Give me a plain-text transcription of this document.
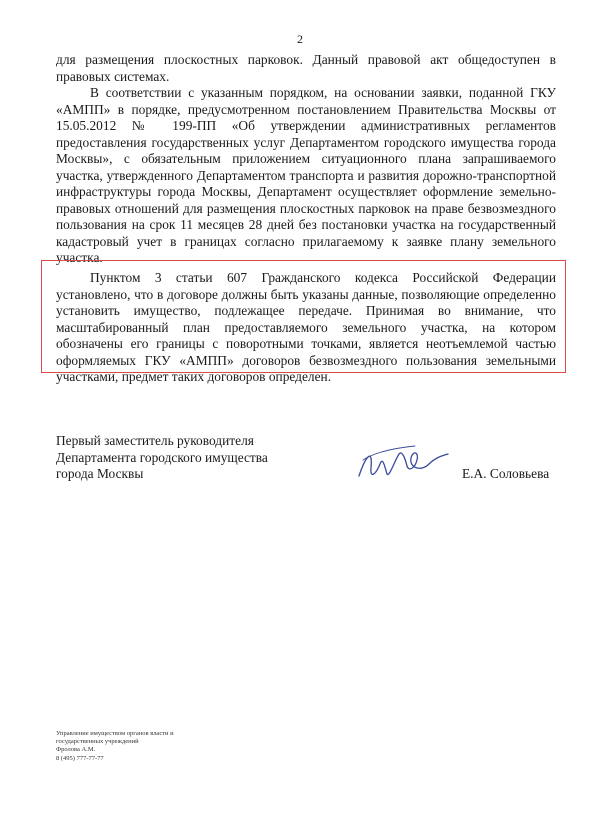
2

для размещения плоскостных парковок. Данный правовой акт общедоступен в правовых системах.

В соответствии с указанным порядком, на основании заявки, поданной ГКУ «АМПП» в порядке, предусмотренном постановлением Правительства Москвы от 15.05.2012 № 199-ПП «Об утверждении административных регламентов предоставления государственных услуг Департаментом городского имущества города Москвы», с обязательным приложением ситуационного плана запрашиваемого участка, утвержденного Департаментом транспорта и развития дорожно-транспортной инфраструктуры города Москвы, Департамент осуществляет оформление земельно-правовых отношений для размещения плоскостных парковок на праве безвозмездного пользования на срок 11 месяцев 28 дней без постановки участка на государственный кадастровый учет в границах согласно прилагаемому к заявке плану земельного участка.

Пунктом 3 статьи 607 Гражданского кодекса Российской Федерации установлено, что в договоре должны быть указаны данные, позволяющие определенно установить имущество, подлежащее передаче. Принимая во внимание, что масштабированный план предоставляемого земельного участка, на котором обозначены его границы с поворотными точками, является неотъемлемой частью оформляемых ГКУ «АМПП» договоров безвозмездного пользования земельными участками, предмет таких договоров определен.

Первый заместитель руководителя
Департамента городского имущества
города Москвы	Е.А. Соловьева
Управление имуществом органов власти и
государственных учреждений
Фролова А.М.
8 (495) 777-77-77
